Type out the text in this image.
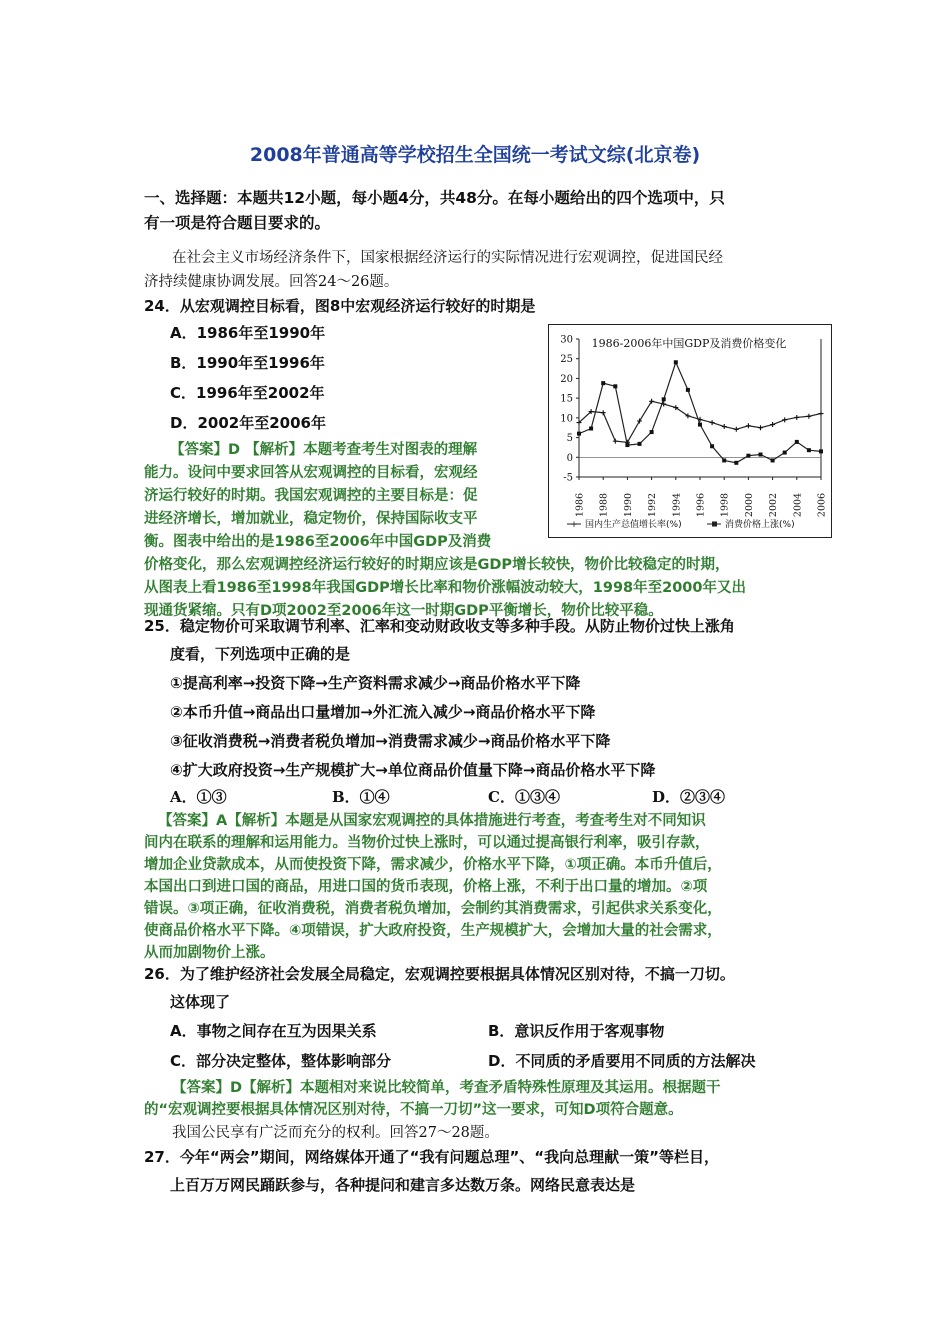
2008年普通高等学校招生全国统一考试文综(北京卷)
一、选择题：本题共12小题，每小题4分，共48分。在每小题给出的四个选项中，只
有一项是符合题目要求的。
在社会主义市场经济条件下，国家根据经济运行的实际情况进行宏观调控，促进国民经
济持续健康协调发展。回答24～26题。
24．从宏观调控目标看，图8中宏观经济运行较好的时期是
A．1986年至1990年
B．1990年至1996年
C．1996年至2002年
D．2002年至2006年
【答案】D 【解析】本题考查考生对图表的理解
能力。设问中要求回答从宏观调控的目标看，宏观经
济运行较好的时期。我国宏观调控的主要目标是：促
进经济增长，增加就业，稳定物价，保持国际收支平
衡。图表中给出的是1986至2006年中国GDP及消费
价格变化，那么宏观调控经济运行较好的时期应该是GDP增长较快，物价比较稳定的时期，
从图表上看1986至1998年我国GDP增长比率和物价涨幅波动较大，1998年至2000年又出
现通货紧缩。只有D项2002至2006年这一时期GDP平衡增长，物价比较平稳。
1986-2006年中国GDP及消费价格变化
-5
0
5
10
15
20
25
30
1986 1988 1990 1992 1994 1996 1998 2000 2002 2004 2006
+ 国内生产总值增长率(%)	消费价格上涨(%)
25．稳定物价可采取调节利率、汇率和变动财政收支等多种手段。从防止物价过快上涨角
度看，下列选项中正确的是
①提高利率→投资下降→生产资料需求减少→商品价格水平下降
②本币升值→商品出口量增加→外汇流入减少→商品价格水平下降
③征收消费税→消费者税负增加→消费需求减少→商品价格水平下降
④扩大政府投资→生产规模扩大→单位商品价值量下降→商品价格水平下降
A．①③	B．①④	C．①③④	D．②③④
【答案】A【解析】本题是从国家宏观调控的具体措施进行考查，考查考生对不同知识
间内在联系的理解和运用能力。当物价过快上涨时，可以通过提高银行利率，吸引存款，
增加企业贷款成本，从而使投资下降，需求减少，价格水平下降，①项正确。本币升值后，
本国出口到进口国的商品，用进口国的货币表现，价格上涨，不利于出口量的增加。②项
错误。③项正确，征收消费税，消费者税负增加，会制约其消费需求，引起供求关系变化，
使商品价格水平下降。④项错误，扩大政府投资，生产规模扩大，会增加大量的社会需求，
从而加剧物价上涨。
26．为了维护经济社会发展全局稳定，宏观调控要根据具体情况区别对待，不搞一刀切。
这体现了
A．事物之间存在互为因果关系	B．意识反作用于客观事物
C．部分决定整体，整体影响部分	D．不同质的矛盾要用不同质的方法解决
【答案】D【解析】本题相对来说比较简单，考查矛盾特殊性原理及其运用。根据题干
的“宏观调控要根据具体情况区别对待，不搞一刀切”这一要求，可知D项符合题意。
我国公民享有广泛而充分的权利。回答27～28题。
27．今年“两会”期间，网络媒体开通了“我有问题总理”、“我向总理献一策”等栏目，
上百万万网民踊跃参与，各种提问和建言多达数万条。网络民意表达是
